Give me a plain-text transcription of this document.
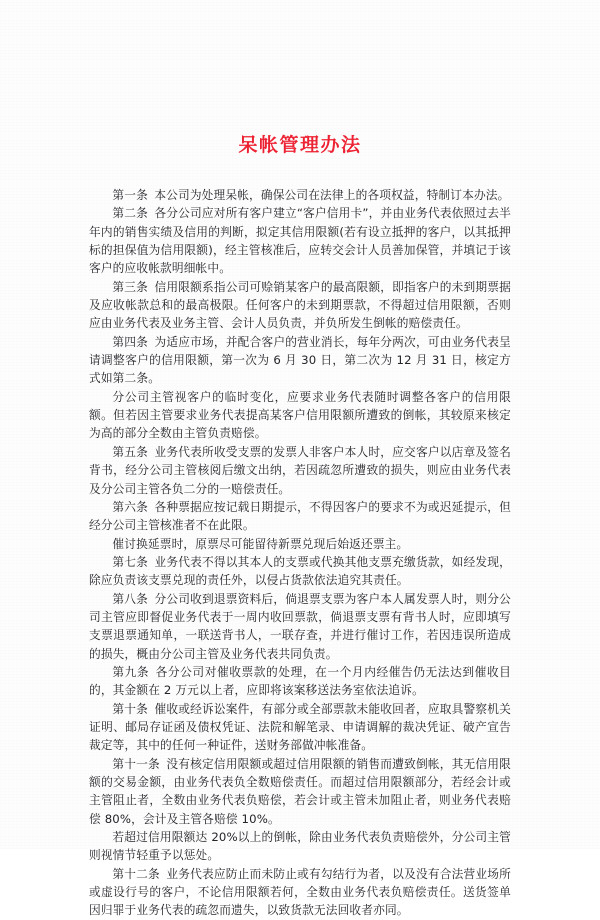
呆帐管理办法

第一条 本公司为处理呆帐，确保公司在法律上的各项权益，特制订本办法。

第二条 各分公司应对所有客户建立“客户信用卡”，并由业务代表依照过去半年内的销售实绩及信用的判断，拟定其信用限额(若有设立抵押的客户，以其抵押标的担保值为信用限额)，经主管核准后，应转交会计人员善加保管，并填记于该客户的应收帐款明细帐中。

第三条 信用限额系指公司可赊销某客户的最高限额，即指客户的未到期票据及应收帐款总和的最高极限。任何客户的未到期票款，不得超过信用限额，否则应由业务代表及业务主管、会计人员负责，并负所发生倒帐的赔偿责任。

第四条 为适应市场，并配合客户的营业消长，每年分两次，可由业务代表呈请调整客户的信用限额，第一次为 6 月 30 日，第二次为 12 月 31 日，核定方式如第二条。

分公司主管视客户的临时变化，应要求业务代表随时调整各客户的信用限额。但若因主管要求业务代表提高某客户信用限额所遭致的倒帐，其较原来核定为高的部分全数由主管负责赔偿。

第五条 业务代表所收受支票的发票人非客户本人时，应交客户以店章及签名背书，经分公司主管核阅后缴文出纳，若因疏忽所遭致的损失，则应由业务代表及分公司主管各负二分的一赔偿责任。

第六条 各种票据应按记载日期提示，不得因客户的要求不为或迟延提示，但经分公司主管核准者不在此限。

催讨换延票时，原票尽可能留待新票兑现后始返还票主。

第七条 业务代表不得以其本人的支票或代换其他支票充缴货款，如经发现，除应负责该支票兑现的责任外，以侵占货款依法追究其责任。

第八条 分公司收到退票资料后，倘退票支票为客户本人属发票人时，则分公司主管应即督促业务代表于一周内收回票款，倘退票支票有背书人时，应即填写支票退票通知单，一联送背书人，一联存查，并进行催讨工作，若因违误所造成的损失，概由分公司主管及业务代表共同负责。

第九条 各分公司对催收票款的处理，在一个月内经催告仍无法达到催收目的，其金额在 2 万元以上者，应即将该案移送法务室依法追诉。

第十条 催收或经诉讼案件，有部分或全部票款未能收回者，应取具警察机关证明、邮局存证函及债权凭证、法院和解笔录、申请调解的裁决凭证、破产宣告裁定等，其中的任何一种证件，送财务部做冲帐准备。

第十一条 没有核定信用限额或超过信用限额的销售而遭致倒帐，其无信用限额的交易金额，由业务代表负全数赔偿责任。而超过信用限额部分，若经会计或主管阻止者，全数由业务代表负赔偿，若会计或主管未加阻止者，则业务代表赔偿 80%，会计及主管各赔偿 10%。

若超过信用限额达 20%以上的倒帐，除由业务代表负责赔偿外，分公司主管则视情节轻重予以惩处。

第十二条 业务代表应防止而未防止或有勾结行为者，以及没有合法营业场所或虚设行号的客户，不论信用限额若何，全数由业务代表负赔偿责任。送货签单因归罪于业务代表的疏忽而遗失，以致货款无法回收者亦同。
